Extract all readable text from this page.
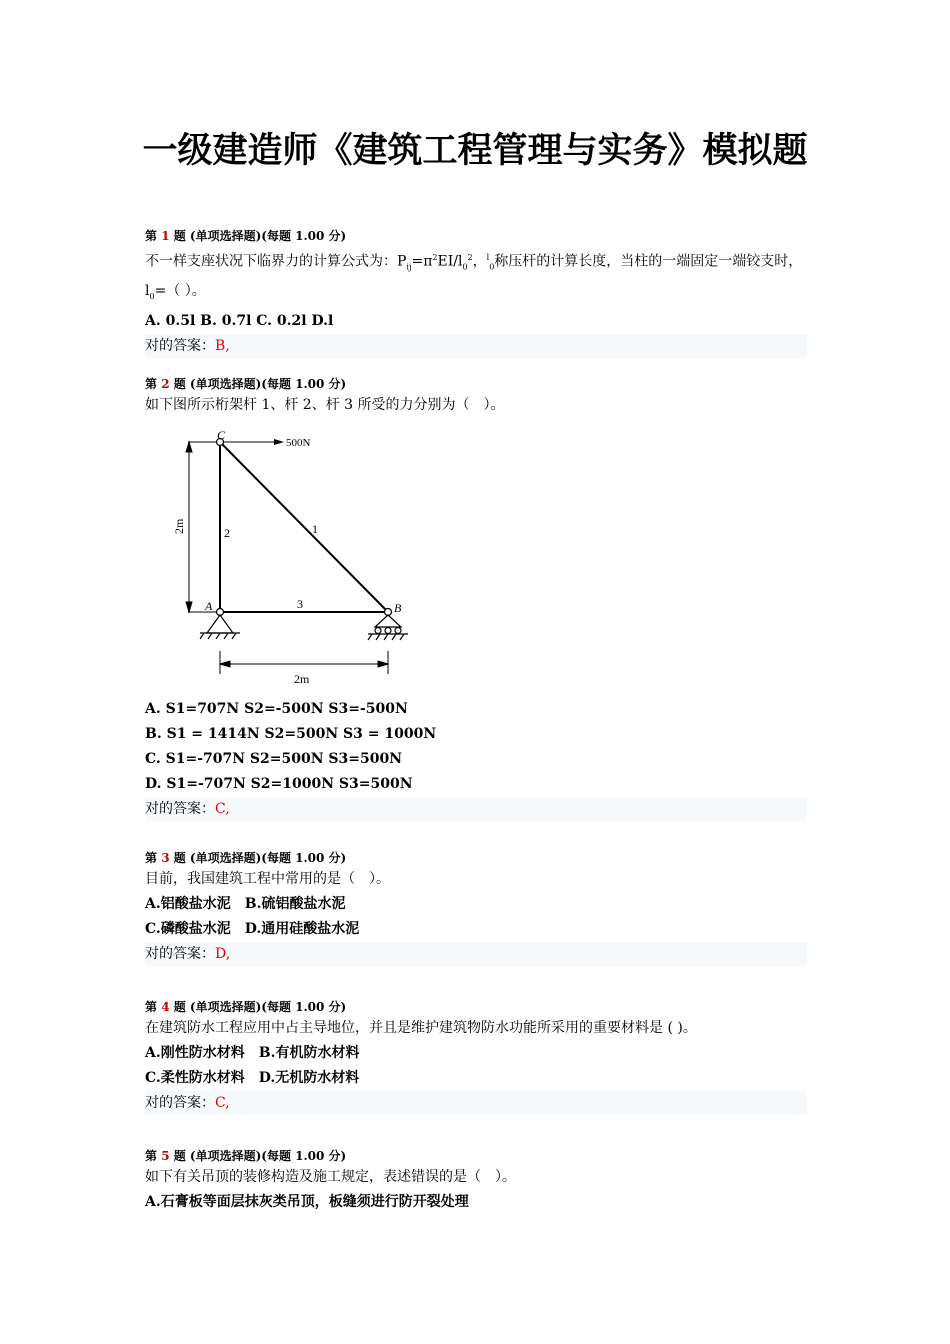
一级建造师《建筑工程管理与实务》模拟题
第 1 题 (单项选择题)(每题 1.00 分)
不一样支座状况下临界力的计算公式为：$P_{ij}=\pi^2EI/l_0^2$，$^l_0$称压杆的计算长度，当柱的一端固定一端铰支时，$l_0=$（ ）。
A. 0.5l B. 0.7l C. 0.2l D.l
对的答案：B,
第 2 题 (单项选择题)(每题 1.00 分)
如下图所示桁架杆 1、杆 2、杆 3 所受的力分别为（　）。
2m
500N
C
A	B
2	1
3
2m
A. S1=707N S2=-500N S3=-500N
B. S1 = 1414N S2=500N S3 = 1000N
C. S1=-707N S2=500N S3=500N
D. S1=-707N S2=1000N S3=500N
对的答案：C,
第 3 题 (单项选择题)(每题 1.00 分)
目前，我国建筑工程中常用的是（　）。
A.铝酸盐水泥　B.硫铝酸盐水泥
C.磷酸盐水泥　D.通用硅酸盐水泥
对的答案：D,
第 4 题 (单项选择题)(每题 1.00 分)
在建筑防水工程应用中占主导地位，并且是维护建筑物防水功能所采用的重要材料是 ( )。
A.刚性防水材料　B.有机防水材料
C.柔性防水材料　D.无机防水材料
对的答案：C,
第 5 题 (单项选择题)(每题 1.00 分)
如下有关吊顶的装修构造及施工规定，表述错误的是（　）。
A.石膏板等面层抹灰类吊顶，板缝须进行防开裂处理
